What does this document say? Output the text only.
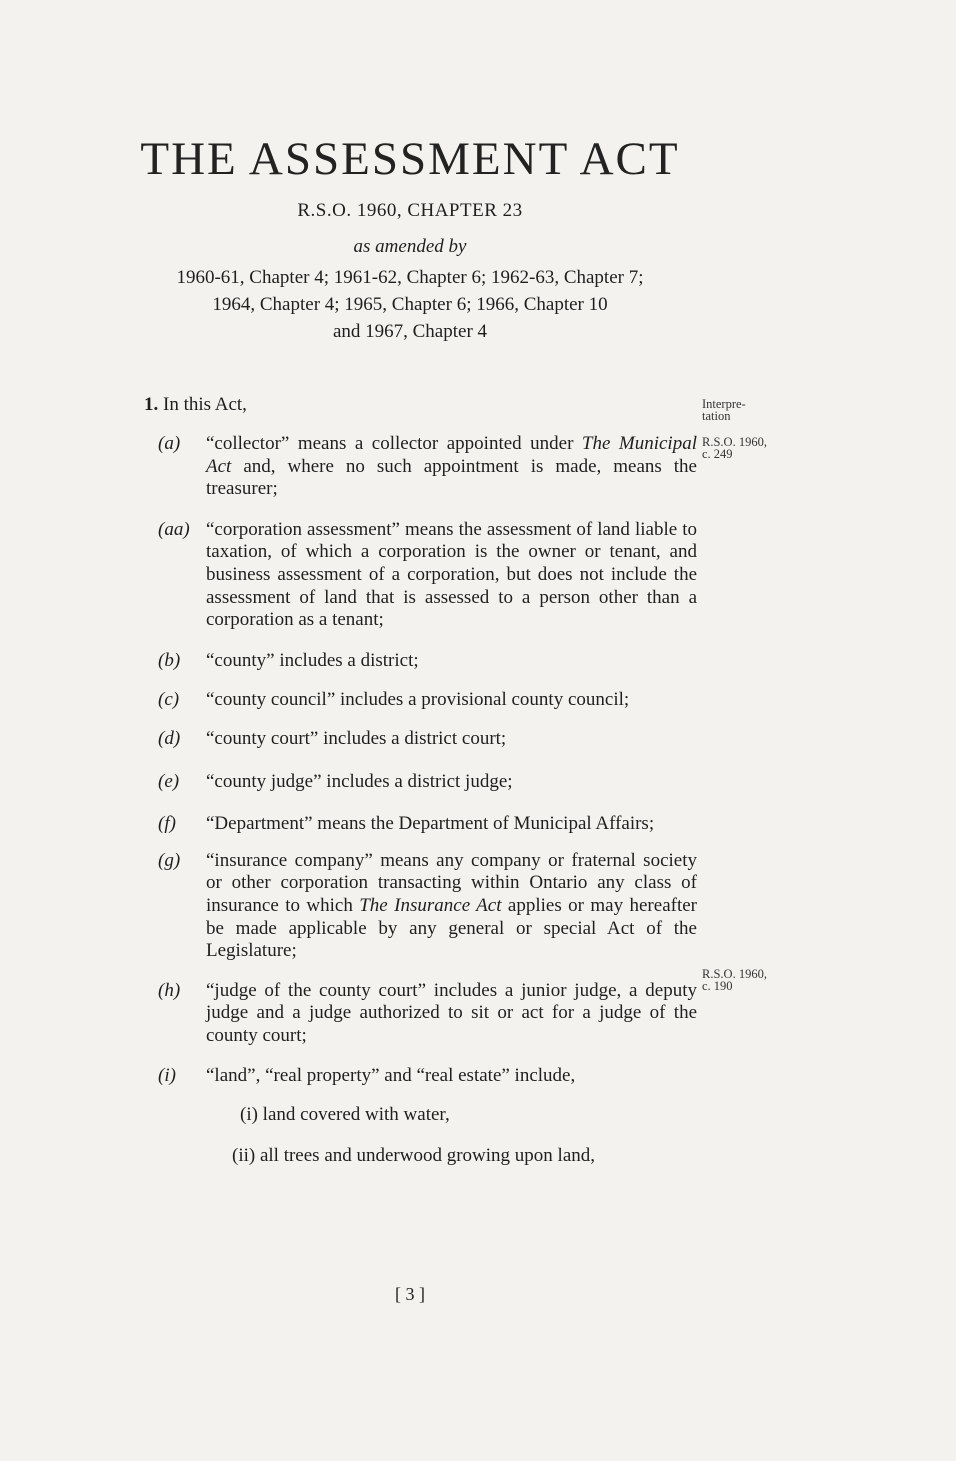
THE ASSESSMENT ACT
R.S.O. 1960, CHAPTER 23
as amended by
1960-61, Chapter 4; 1961-62, Chapter 6; 1962-63, Chapter 7;
1964, Chapter 4; 1965, Chapter 6; 1966, Chapter 10
and 1967, Chapter 4
1. In this Act,	Interpre-
tation
R.S.O. 1960,
c. 249
R.S.O. 1960,
c. 190
(a) “collector” means a collector appointed under The Municipal Act and, where no such appointment is made, means the treasurer;
(aa) “corporation assessment” means the assessment of land liable to taxation, of which a corporation is the owner or tenant, and business assessment of a corporation, but does not include the assessment of land that is assessed to a person other than a corporation as a tenant;
(b) “county” includes a district;
(c) “county council” includes a provisional county council;
(d) “county court” includes a district court;
(e) “county judge” includes a district judge;
(f) “Department” means the Department of Municipal Affairs;
(g) “insurance company” means any company or fraternal society or other corporation transacting within Ontario any class of insurance to which The Insurance Act applies or may hereafter be made applicable by any general or special Act of the Legislature;
(h) “judge of the county court” includes a junior judge, a deputy judge and a judge authorized to sit or act for a judge of the county court;
(i) “land”, “real property” and “real estate” include,
(i) land covered with water,
(ii) all trees and underwood growing upon land,
[ 3 ]
